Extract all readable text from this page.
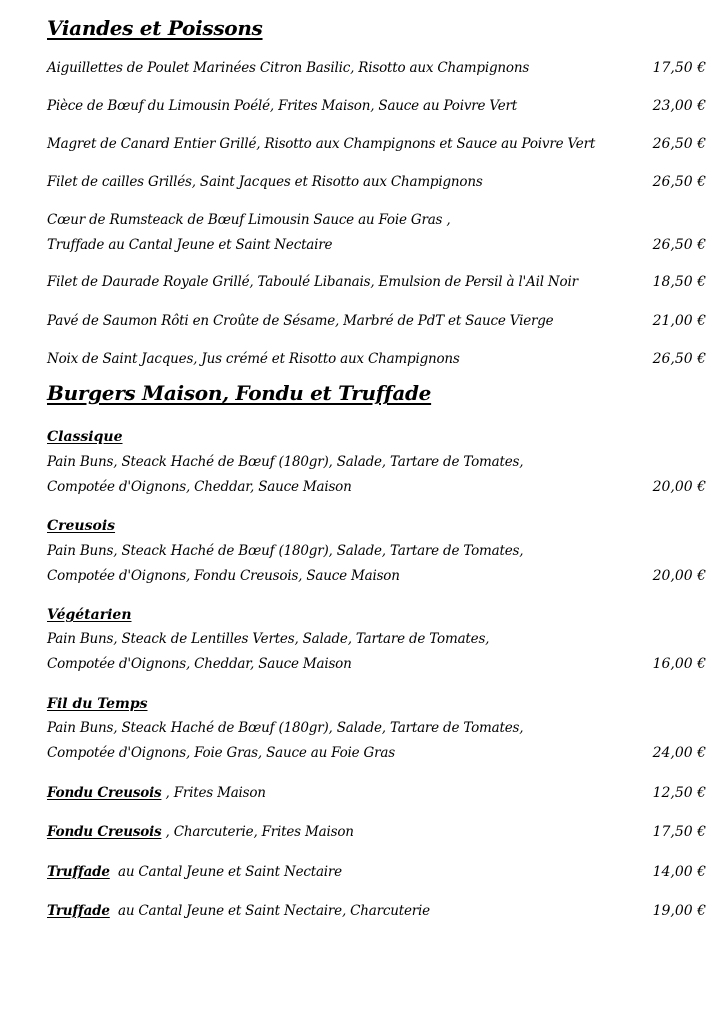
Viandes et Poissons
Aiguillettes de Poulet Marinées Citron Basilic, Risotto aux Champignons	17,50 €
Pièce de Bœuf du Limousin Poélé, Frites Maison, Sauce au Poivre Vert	23,00 €
Magret de Canard Entier Grillé, Risotto aux Champignons et Sauce au Poivre Vert	26,50 €
Filet de cailles Grillés, Saint Jacques et Risotto aux Champignons	26,50 €
Cœur de Rumsteack de Bœuf Limousin Sauce au Foie Gras ,
Truffade au Cantal Jeune et Saint Nectaire	26,50 €
Filet de Daurade Royale Grillé, Taboulé Libanais, Emulsion de Persil à l'Ail Noir	18,50 €
Pavé de Saumon Rôti en Croûte de Sésame, Marbré de PdT et Sauce Vierge	21,00 €
Noix de Saint Jacques, Jus crémé et Risotto aux Champignons	26,50 €
Burgers Maison, Fondu et Truffade
Classique
Pain Buns, Steack Haché de Bœuf (180gr), Salade, Tartare de Tomates,
Compotée d'Oignons, Cheddar, Sauce Maison	20,00 €
Creusois
Pain Buns, Steack Haché de Bœuf (180gr), Salade, Tartare de Tomates,
Compotée d'Oignons, Fondu Creusois, Sauce Maison	20,00 €
Végétarien
Pain Buns, Steack de Lentilles Vertes, Salade, Tartare de Tomates,
Compotée d'Oignons, Cheddar, Sauce Maison	16,00 €
Fil du Temps
Pain Buns, Steack Haché de Bœuf (180gr), Salade, Tartare de Tomates,
Compotée d'Oignons, Foie Gras, Sauce au Foie Gras	24,00 €
Fondu Creusois , Frites Maison	12,50 €
Fondu Creusois , Charcuterie, Frites Maison	17,50 €
Truffade  au Cantal Jeune et Saint Nectaire	14,00 €
Truffade  au Cantal Jeune et Saint Nectaire, Charcuterie	19,00 €
